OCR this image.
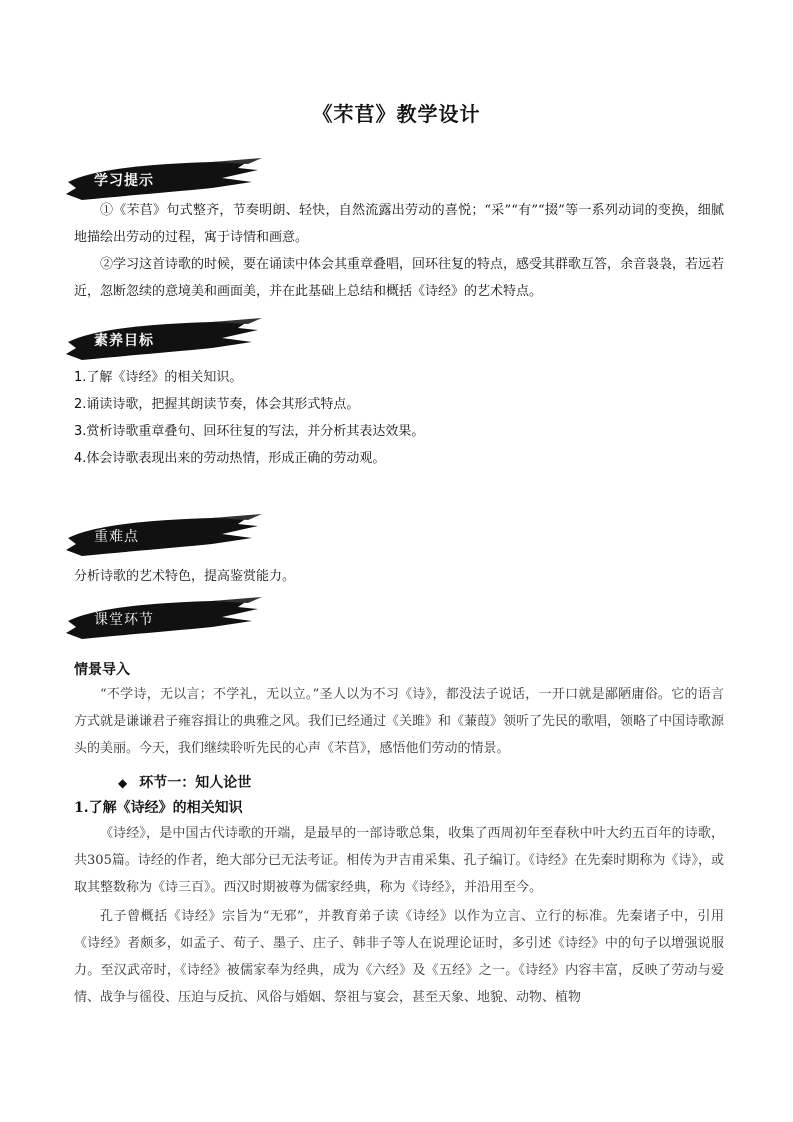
《芣苢》教学设计
学习提示
①《芣苢》句式整齐，节奏明朗、轻快，自然流露出劳动的喜悦；“采”“有”“掇”等一系列动词的变换，细腻地描绘出劳动的过程，寓于诗情和画意。
②学习这首诗歌的时候，要在诵读中体会其重章叠唱，回环往复的特点，感受其群歌互答，余音袅袅，若远若近，忽断忽续的意境美和画面美，并在此基础上总结和概括《诗经》的艺术特点。
素养目标
1.了解《诗经》的相关知识。
2.诵读诗歌，把握其朗读节奏，体会其形式特点。
3.赏析诗歌重章叠句、回环往复的写法，并分析其表达效果。
4.体会诗歌表现出来的劳动热情，形成正确的劳动观。
重难点
分析诗歌的艺术特色，提高鉴赏能力。
课堂环节
情景导入
“不学诗，无以言；不学礼，无以立。”圣人以为不习《诗》，都没法子说话，一开口就是鄙陋庸俗。它的语言方式就是谦谦君子雍容揖让的典雅之风。我们已经通过《关雎》和《蒹葭》领听了先民的歌唱，领略了中国诗歌源头的美丽。今天，我们继续聆听先民的心声《芣苢》，感悟他们劳动的情景。
◆ 环节一：知人论世
1.了解《诗经》的相关知识
《诗经》，是中国古代诗歌的开端，是最早的一部诗歌总集，收集了西周初年至春秋中叶大约五百年的诗歌，共305篇。诗经的作者，绝大部分已无法考证。相传为尹吉甫采集、孔子编订。《诗经》在先秦时期称为《诗》，或取其整数称为《诗三百》。西汉时期被尊为儒家经典，称为《诗经》，并沿用至今。
孔子曾概括《诗经》宗旨为“无邪”，并教育弟子读《诗经》以作为立言、立行的标准。先秦诸子中，引用《诗经》者颇多，如孟子、荀子、墨子、庄子、韩非子等人在说理论证时，多引述《诗经》中的句子以增强说服力。至汉武帝时，《诗经》被儒家奉为经典，成为《六经》及《五经》之一。《诗经》内容丰富，反映了劳动与爱情、战争与徭役、压迫与反抗、风俗与婚姻、祭祖与宴会，甚至天象、地貌、动物、植物
